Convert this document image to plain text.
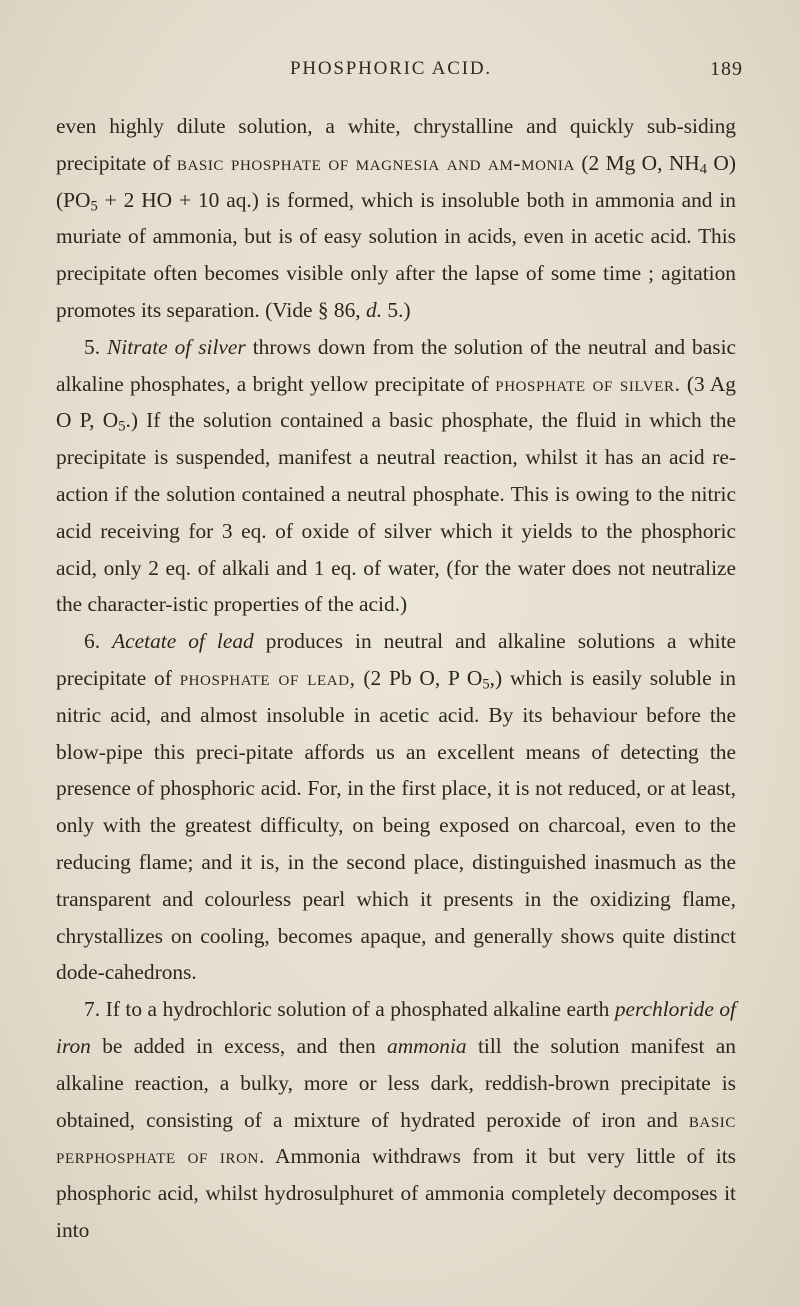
PHOSPHORIC ACID.	189

even highly dilute solution, a white, chrystalline and quickly sub-siding precipitate of basic phosphate of magnesia and am-monia (2 Mg O, $NH_4$ O) ($PO_5 + 2$ HO + 10 aq.) is formed, which is insoluble both in ammonia and in muriate of ammonia, but is of easy solution in acids, even in acetic acid. This precipitate often becomes visible only after the lapse of some time ; agitation promotes its separation. (Vide § 86, d. 5.)

5. Nitrate of silver throws down from the solution of the neutral and basic alkaline phosphates, a bright yellow precipitate of phosphate of silver. (3 Ag O P, $O_5$.) If the solution contained a basic phosphate, the fluid in which the precipitate is suspended, manifest a neutral reaction, whilst it has an acid re-action if the solution contained a neutral phosphate. This is owing to the nitric acid receiving for 3 eq. of oxide of silver which it yields to the phosphoric acid, only 2 eq. of alkali and 1 eq. of water, (for the water does not neutralize the character-istic properties of the acid.)

6. Acetate of lead produces in neutral and alkaline solutions a white precipitate of phosphate of lead, (2 Pb O, P $O_5$,) which is easily soluble in nitric acid, and almost insoluble in acetic acid. By its behaviour before the blow-pipe this preci-pitate affords us an excellent means of detecting the presence of phosphoric acid. For, in the first place, it is not reduced, or at least, only with the greatest difficulty, on being exposed on charcoal, even to the reducing flame; and it is, in the second place, distinguished inasmuch as the transparent and colourless pearl which it presents in the oxidizing flame, chrystallizes on cooling, becomes apaque, and generally shows quite distinct dode-cahedrons.

7. If to a hydrochloric solution of a phosphated alkaline earth perchloride of iron be added in excess, and then ammonia till the solution manifest an alkaline reaction, a bulky, more or less dark, reddish-brown precipitate is obtained, consisting of a mixture of hydrated peroxide of iron and basic perphosphate of iron. Ammonia withdraws from it but very little of its phosphoric acid, whilst hydrosulphuret of ammonia completely decomposes it into
